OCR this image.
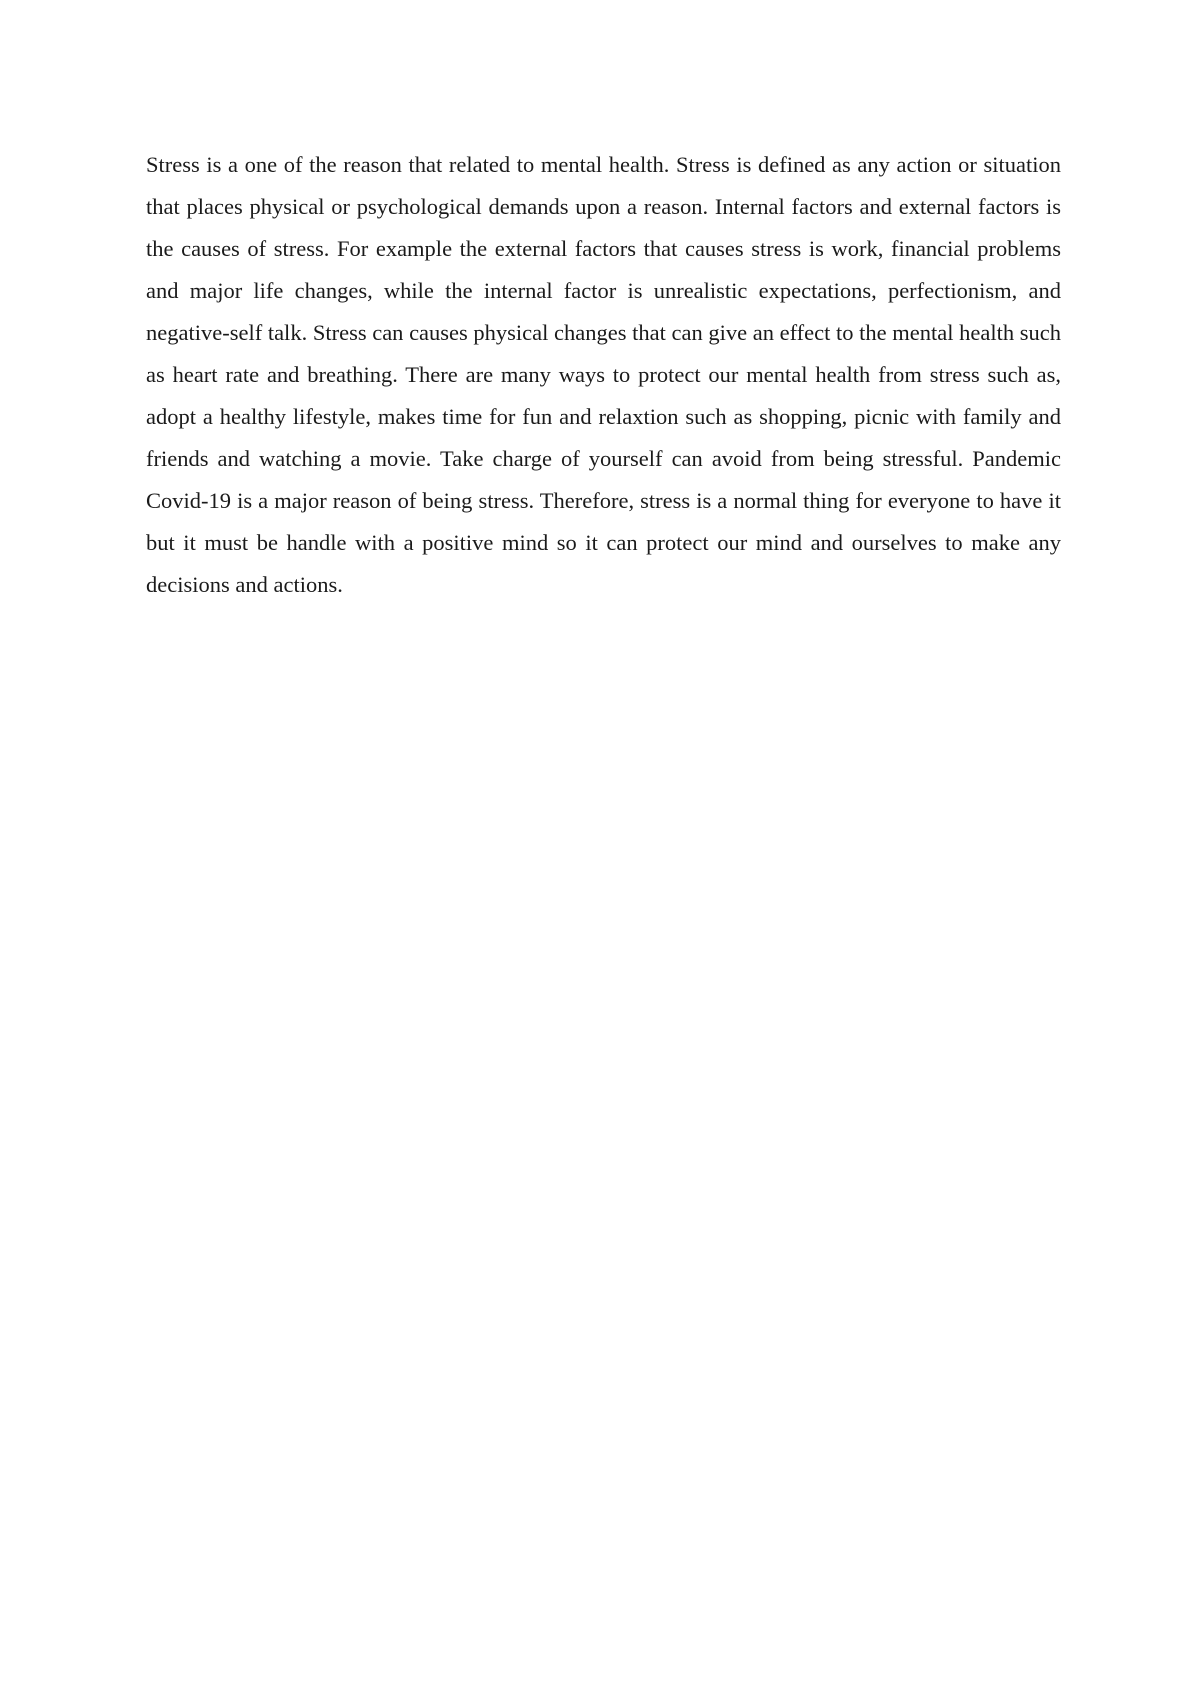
Stress is a one of the reason that related to mental health. Stress is defined as any action or situation that places physical or psychological demands upon a reason. Internal factors and external factors is the causes of stress. For example the external factors that causes stress is work, financial problems and major life changes, while the internal factor is unrealistic expectations, perfectionism, and negative-self talk. Stress can causes physical changes that can give an effect to the mental health such as heart rate and breathing. There are many ways to protect our mental health from stress such as, adopt a healthy lifestyle, makes time for fun and relaxtion such as shopping, picnic with family and friends and watching a movie. Take charge of yourself can avoid from being stressful. Pandemic Covid-19 is a major reason of being stress. Therefore, stress is a normal thing for everyone to have it but it must be handle with a positive mind so it can protect our mind and ourselves to make any decisions and actions.
